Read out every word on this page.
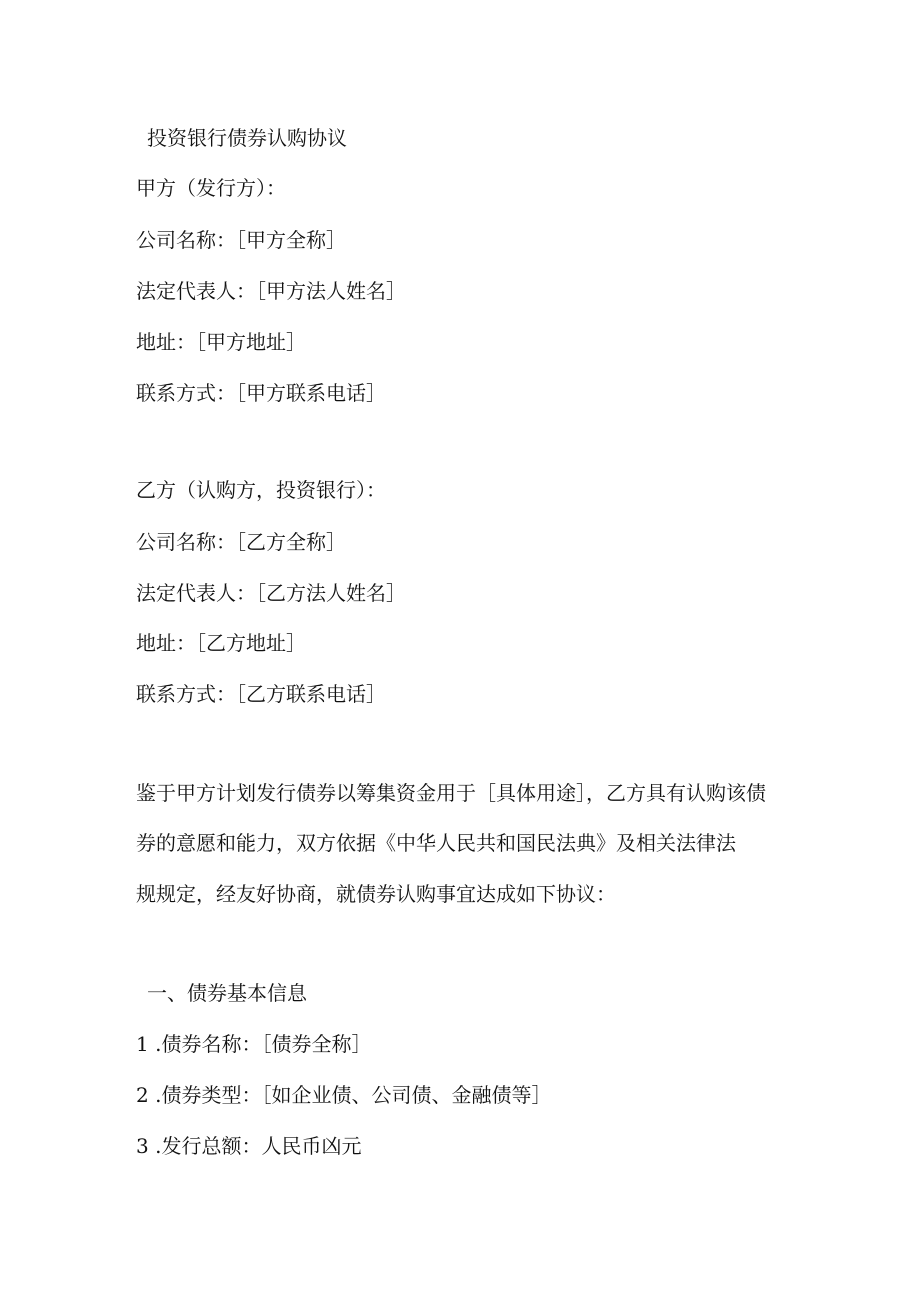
投资银行债券认购协议
甲方（发行方）：
公司名称：［甲方全称］
法定代表人：［甲方法人姓名］
地址：［甲方地址］
联系方式：［甲方联系电话］
乙方（认购方，投资银行）：
公司名称：［乙方全称］
法定代表人：［乙方法人姓名］
地址：［乙方地址］
联系方式：［乙方联系电话］
鉴于甲方计划发行债券以筹集资金用于［具体用途］，乙方具有认购该债
券的意愿和能力，双方依据《中华人民共和国民法典》及相关法律法
规规定，经友好协商，就债券认购事宜达成如下协议：
一、债券基本信息
1 .债券名称：［债券全称］
2 .债券类型：［如企业债、公司债、金融债等］
3 .发行总额：人民币凶元
